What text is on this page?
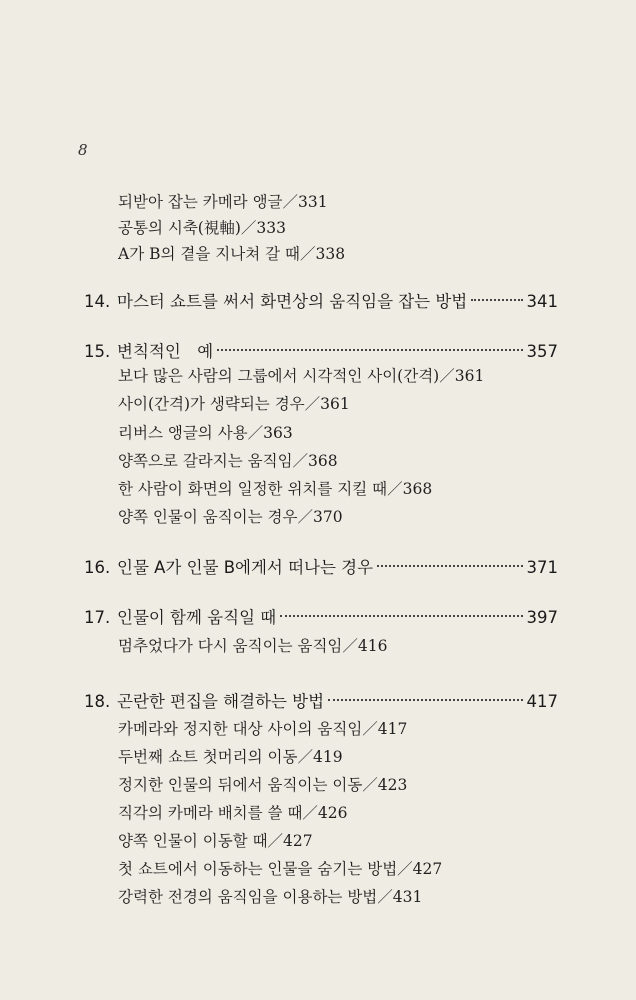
8
되받아 잡는 카메라 앵글／331
공통의 시축(視軸)／333
A가 B의 곁을 지나쳐 갈 때／338
14. 마스터 쇼트를 써서 화면상의 움직임을 잡는 방법	341
15. 변칙적인　예	357
보다 많은 사람의 그룹에서 시각적인 사이(간격)／361
사이(간격)가 생략되는 경우／361
리버스 앵글의 사용／363
양쪽으로 갈라지는 움직임／368
한 사람이 화면의 일정한 위치를 지킬 때／368
양쪽 인물이 움직이는 경우／370
16. 인물 A가 인물 B에게서 떠나는 경우	371
17. 인물이 함께 움직일 때	397
멈추었다가 다시 움직이는 움직임／416
18. 곤란한 편집을 해결하는 방법	417
카메라와 정지한 대상 사이의 움직임／417
두번째 쇼트 첫머리의 이동／419
정지한 인물의 뒤에서 움직이는 이동／423
직각의 카메라 배치를 쓸 때／426
양쪽 인물이 이동할 때／427
첫 쇼트에서 이동하는 인물을 숨기는 방법／427
강력한 전경의 움직임을 이용하는 방법／431
